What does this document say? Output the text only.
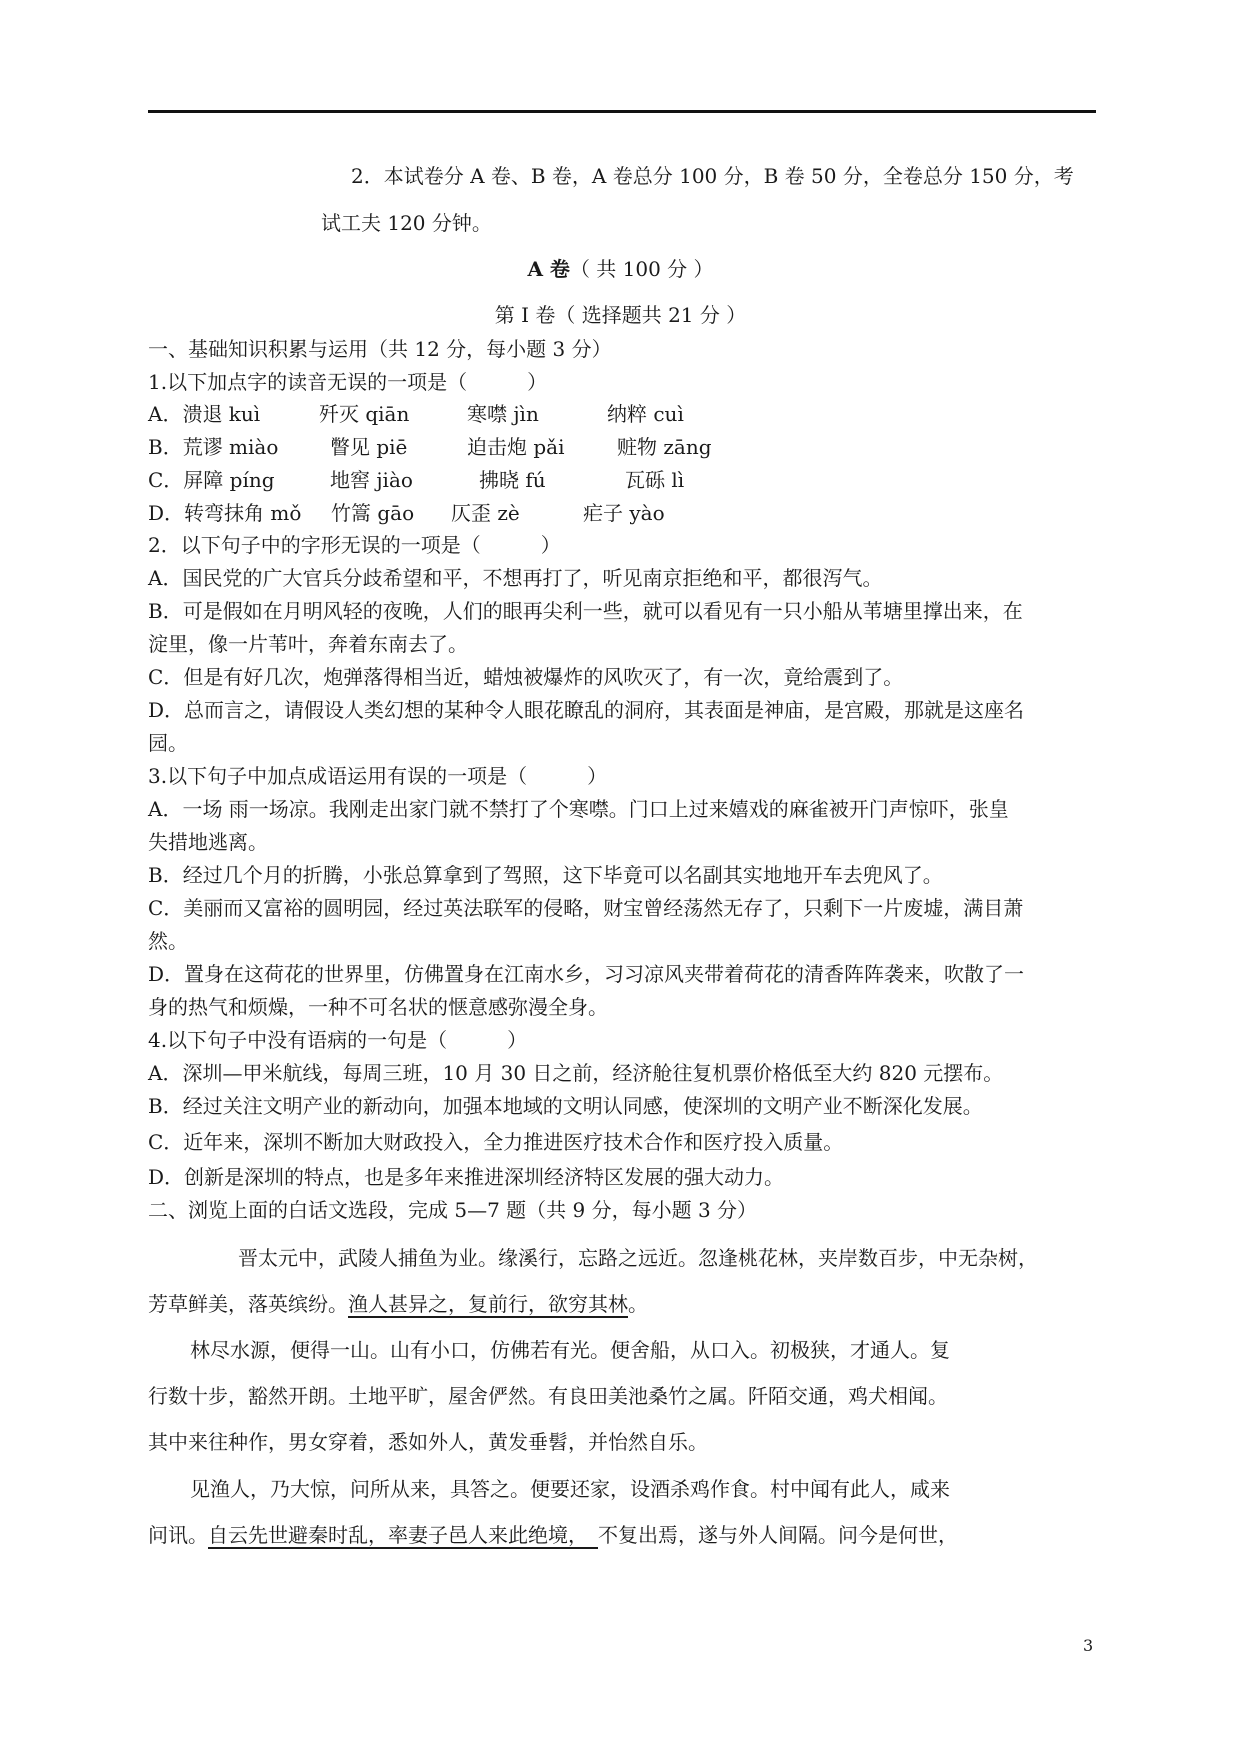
2．本试卷分 A 卷、B 卷，A 卷总分 100 分，B 卷 50 分，全卷总分 150 分，考
试工夫 120 分钟。
A 卷（ 共 100 分 ）
第 I 卷（ 选择题共 21 分 ）
一、基础知识积累与运用（共 12 分，每小题 3 分）
1.以下加点字的读音无误的一项是（　　　）
A．溃退 kuì	歼灭 qiān	寒噤 jìn	纳粹 cuì
B．荒谬 miào	瞥见 piē	迫击炮 pǎi	赃物 zāng
C．屏障 píng	地窖 jiào	拂晓 fú	瓦砾 lì
D．转弯抹角 mǒ 竹篙 gāo 仄歪 zè	疟子 yào
2．以下句子中的字形无误的一项是（　　　）
A．国民党的广大官兵分歧希望和平，不想再打了，听见南京拒绝和平，都很泻气。
B．可是假如在月明风轻的夜晚，人们的眼再尖利一些，就可以看见有一只小船从苇塘里撑出来，在
淀里，像一片苇叶，奔着东南去了。
C．但是有好几次，炮弹落得相当近，蜡烛被爆炸的风吹灭了，有一次，竟给震到了。
D．总而言之，请假设人类幻想的某种令人眼花瞭乱的洞府，其表面是神庙，是宫殿，那就是这座名
园。
3.以下句子中加点成语运用有误的一项是（　　　）
A．一场 雨一场凉。我刚走出家门就不禁打了个寒噤。门口上过来嬉戏的麻雀被开门声惊吓，张皇
失措地逃离。
B．经过几个月的折腾，小张总算拿到了驾照，这下毕竟可以名副其实地地开车去兜风了。
C．美丽而又富裕的圆明园，经过英法联军的侵略，财宝曾经荡然无存了，只剩下一片废墟，满目萧
然。
D．置身在这荷花的世界里，仿佛置身在江南水乡，习习凉风夹带着荷花的清香阵阵袭来，吹散了一
身的热气和烦燥，一种不可名状的惬意感弥漫全身。
4.以下句子中没有语病的一句是（　　　）
A．深圳—甲米航线，每周三班，10 月 30 日之前，经济舱往复机票价格低至大约 820 元摆布。
B．经过关注文明产业的新动向，加强本地域的文明认同感，使深圳的文明产业不断深化发展。
C．近年来，深圳不断加大财政投入，全力推进医疗技术合作和医疗投入质量。
D．创新是深圳的特点，也是多年来推进深圳经济特区发展的强大动力。
二、浏览上面的白话文选段，完成 5—7 题（共 9 分，每小题 3 分）
晋太元中，武陵人捕鱼为业。缘溪行，忘路之远近。忽逢桃花林，夹岸数百步，中无杂树，
芳草鲜美，落英缤纷。渔人甚异之，复前行，欲穷其林。
林尽水源，便得一山。山有小口，仿佛若有光。便舍船，从口入。初极狭，才通人。复
行数十步，豁然开朗。土地平旷，屋舍俨然。有良田美池桑竹之属。阡陌交通，鸡犬相闻。
其中来往种作，男女穿着，悉如外人，黄发垂髫，并怡然自乐。
见渔人，乃大惊，问所从来，具答之。便要还家，设酒杀鸡作食。村中闻有此人，咸来
问讯。自云先世避秦时乱，率妻子邑人来此绝境，　不复出焉，遂与外人间隔。问今是何世，
3
